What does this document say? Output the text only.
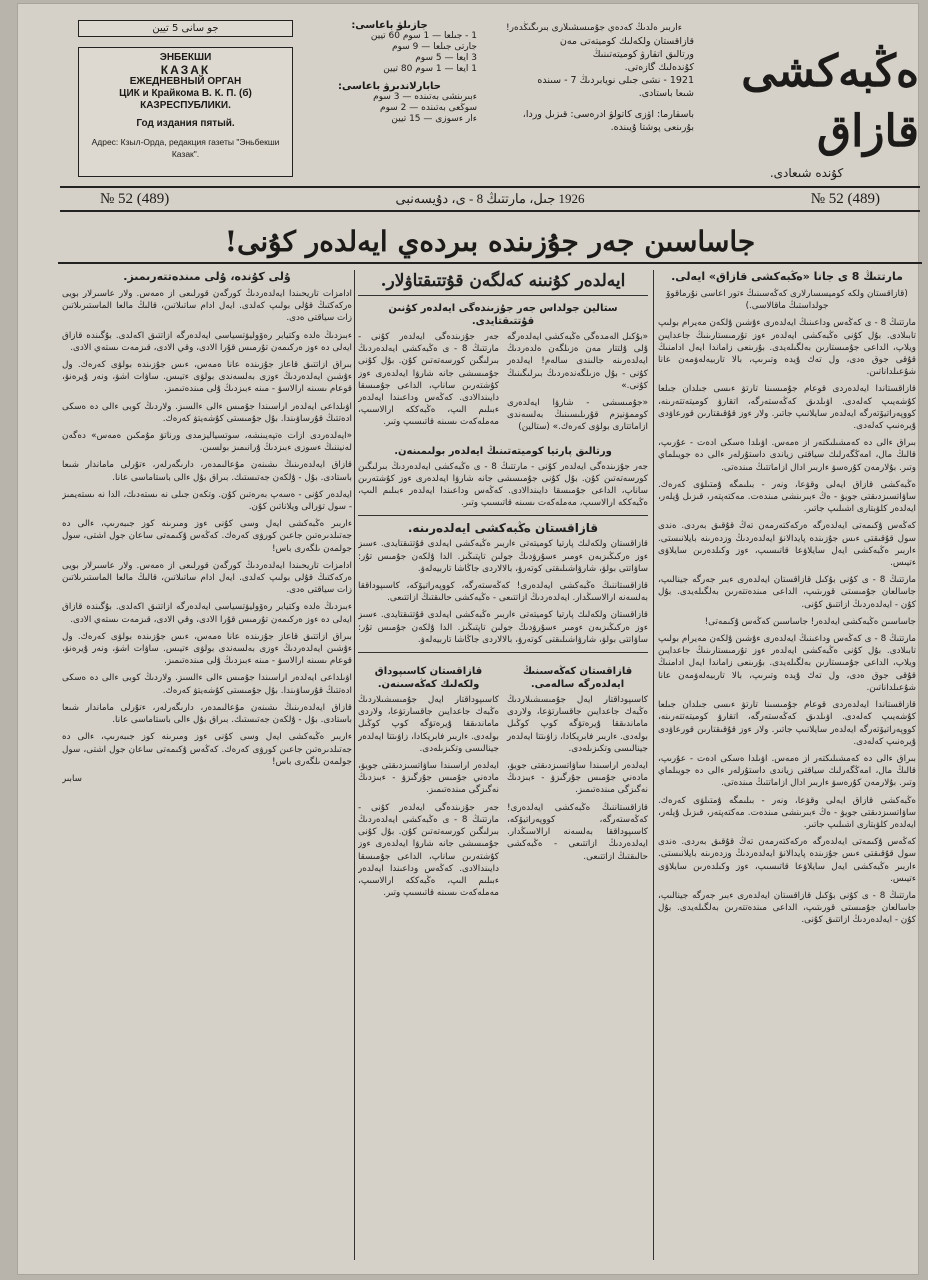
جو سانی 5 تیین
ЭНБЕКШИ
КАЗАК
ЕЖЕДНЕВНЫЙ ОРГАН
ЦИК и Крайкома В. К. П. (б)
КАЗРЕСПУБЛИКИ.
Год издания пятый.
Адрес: Кзыл-Орда, редакция газеты "Эньбекши Казак".
جازىلۋ باعاسى:
1 - جىلعا — 1 سوم 60 تيين
جارتى جىلعا — 9 سوم
3 ايعا — 5 سوم
1 ايعا — 1 سوم 80 تيين
حابارلاندىرۋ باعاسى:
ءبىرىنشى بەتىندە — 3 سوم
سوڭعى بەتىندە — 2 سوم
ءار ءسوزى — 15 تيين
ءاربىر ەلدىڭ كەدەي جۇمىسشىلارى بىرىگىڭدەر!
قازاقستان ولكەلىك كوميتەتى مەن
ورتالىق اتقارۋ كوميتەتىنىڭ
كۇندەلىك گازەتى.
1921 - نشى جىلى نويابردىڭ 7 - سىندە
شىعا باستادى.
باسقارما: اۋزى كاتولۋ ادرەسى: قىزىل وردا، بۇرىنعى پوشتا ۇيىندە.
ەڭبەكشى قازاق
كۇندە شىعادى.
№ 52 (489)	1926 جىل، مارتتىڭ 8 - ى، دۇيسەنبى	№ 52 (489)
جاساسىن جەر جۇزىندە بىردەي ايەلدەر كۇنى!
مارتتىڭ 8 ى جانا «ەڭبەكشى قازاق» ايەلى.

(قازاقستان ولكە كوميسسارلارى كەڭەسىنىڭ ءتور اعاسى نۇرماقوۆ جولداستىڭ ماقالاسى.)

مارتتىڭ 8 - ى كەڭەس وداعىنىڭ ايەلدەرى ءۇشىن ۇلكەن مەيرام بولىپ تابىلادى. بۇل كۇنى ەڭبەكشى ايەلدەر ءوز تۇرمىستارىنىڭ جاعدايىن ويلاپ، الداعى جۇمىستارىن بەلگىلەيدى. بۇرىنعى زاماندا ايەل ادامنىڭ قۇقى جوق ەدى، ول تەك ۇيدە وتىرىپ، بالا تاربيەلەۋمەن عانا شۇعىلداناتىن.

قازاقستاندا ايەلدەردى قوعام جۇمىسىنا تارتۋ ءىسى جىلدان جىلعا كۇشەيىپ كەلەدى. اۋىلدىق كەڭەستەرگە، اتقارۋ كوميتەتتەرىنە، كووپەراتيۆتەرگە ايەلدەر سايلانىپ جاتىر. ولار ءوز قۇقىقتارىن قورعاۋدى ۇيرەنىپ كەلەدى.

بىراق ءالى دە كەمشىلىكتەر از ەمەس. اۋىلدا ەسكى ادەت - عۇرىپ، قالىڭ مال، امەڭگەرلىك سياقتى زياندى داستۇرلەر ءالى دە جويىلماي وتىر. بۇلارمەن كۇرەسۋ ءاربىر ادال ازاماتتىڭ مىندەتى.

ەڭبەكشى قازاق ايەلى وقۋعا، ونەر - بىلىمگە ۇمتىلۋى كەرەك. ساۋاتسىزدىقتى جويۋ - ەڭ ءبىرىنشى مىندەت. مەكتەپتەر، قىزىل ۇيلەر، ايەلدەر كلۋبتارى اشىلىپ جاتىر.

كەڭەس ۇكىمەتى ايەلدەرگە ەركەكتەرمەن تەڭ قۇقىق بەردى. ەندى سول قۇقىقتى ءىس جۇزىندە پايدالانۋ ايەلدەردىڭ وزدەرىنە بايلانىستى. ءاربىر ەڭبەكشى ايەل سايلاۋعا قاتىسىپ، ءوز وكىلدەرىن سايلاۋى ءتيىس.

مارتتىڭ 8 - ى كۇنى بۇكىل قازاقستان ايەلدەرى ءبىر جەرگە جينالىپ، جاسالعان جۇمىستى قورىتىپ، الداعى مىندەتتەرىن بەلگىلەيدى. بۇل كۇن - ايەلدەردىڭ ازاتتىق كۇنى.

جاساسىن ەڭبەكشى ايەلدەر! جاساسىن كەڭەس ۇكىمەتى!

مارتتىڭ 8 - ى كەڭەس وداعىنىڭ ايەلدەرى ءۇشىن ۇلكەن مەيرام بولىپ تابىلادى. بۇل كۇنى ەڭبەكشى ايەلدەر ءوز تۇرمىستارىنىڭ جاعدايىن ويلاپ، الداعى جۇمىستارىن بەلگىلەيدى. بۇرىنعى زاماندا ايەل ادامنىڭ قۇقى جوق ەدى، ول تەك ۇيدە وتىرىپ، بالا تاربيەلەۋمەن عانا شۇعىلداناتىن.

قازاقستاندا ايەلدەردى قوعام جۇمىسىنا تارتۋ ءىسى جىلدان جىلعا كۇشەيىپ كەلەدى. اۋىلدىق كەڭەستەرگە، اتقارۋ كوميتەتتەرىنە، كووپەراتيۆتەرگە ايەلدەر سايلانىپ جاتىر. ولار ءوز قۇقىقتارىن قورعاۋدى ۇيرەنىپ كەلەدى.

بىراق ءالى دە كەمشىلىكتەر از ەمەس. اۋىلدا ەسكى ادەت - عۇرىپ، قالىڭ مال، امەڭگەرلىك سياقتى زياندى داستۇرلەر ءالى دە جويىلماي وتىر. بۇلارمەن كۇرەسۋ ءاربىر ادال ازاماتتىڭ مىندەتى.

ەڭبەكشى قازاق ايەلى وقۋعا، ونەر - بىلىمگە ۇمتىلۋى كەرەك. ساۋاتسىزدىقتى جويۋ - ەڭ ءبىرىنشى مىندەت. مەكتەپتەر، قىزىل ۇيلەر، ايەلدەر كلۋبتارى اشىلىپ جاتىر.

كەڭەس ۇكىمەتى ايەلدەرگە ەركەكتەرمەن تەڭ قۇقىق بەردى. ەندى سول قۇقىقتى ءىس جۇزىندە پايدالانۋ ايەلدەردىڭ وزدەرىنە بايلانىستى. ءاربىر ەڭبەكشى ايەل سايلاۋعا قاتىسىپ، ءوز وكىلدەرىن سايلاۋى ءتيىس.

مارتتىڭ 8 - ى كۇنى بۇكىل قازاقستان ايەلدەرى ءبىر جەرگە جينالىپ، جاسالعان جۇمىستى قورىتىپ، الداعى مىندەتتەرىن بەلگىلەيدى. بۇل كۇن - ايەلدەردىڭ ازاتتىق كۇنى.

ايەلدەر كۇنىنە كەلگەن قۇتتىقتاۋلار.
ستالين جولداس جەر جۇزىندەگى ايەلدەر كۇنىن قۇتتىقتايدى.

«بۇكىل الەمدەگى ەڭبەكشى ايەلدەرگە ۇلى ۇلتتار مەن ەزىلگەن ەلدەردىڭ ايەلدەرىنە جالىندى سالەم! ايەلدەر كۇنى - بۇل ەزىلگەندەردىڭ بىرلىگىنىڭ كۇنى.»

«جۇمىسشى - شارۋا ايەلدەرى كوممۋنيزم قۇرىلىسىنىڭ بەلسەندى ازاماتتارى بولۋى كەرەك.» (ستالين)

جەر جۇزىندەگى ايەلدەر كۇنى - مارتتىڭ 8 - ى ەڭبەكشى ايەلدەردىڭ بىرلىگىن كورسەتەتىن كۇن. بۇل كۇنى جۇمىسشى جانە شارۋا ايەلدەرى ءوز كۇشتەرىن ساناپ، الداعى جۇمىسقا دايىندالادى. كەڭەس وداعىندا ايەلدەر ءبىلىم الىپ، ەڭبەككە ارالاسىپ، مەملەكەت ىسىنە قاتىسىپ وتىر.

ورتالىق پارتيا كوميتەتىنىڭ ايەلدەر بولىمىنەن.

جەر جۇزىندەگى ايەلدەر كۇنى - مارتتىڭ 8 - ى ەڭبەكشى ايەلدەردىڭ بىرلىگىن كورسەتەتىن كۇن. بۇل كۇنى جۇمىسشى جانە شارۋا ايەلدەرى ءوز كۇشتەرىن ساناپ، الداعى جۇمىسقا دايىندالادى. كەڭەس وداعىندا ايەلدەر ءبىلىم الىپ، ەڭبەككە ارالاسىپ، مەملەكەت ىسىنە قاتىسىپ وتىر.

قازاقستان ەڭبەكشى ايەلدەرىنە.

قازاقستان ولكەلىك پارتيا كوميتەتى ءاربىر ەڭبەكشى ايەلدى قۇتتىقتايدى. ءسىز ءوز ەركىڭىزبەن ءومىر ءسۇرۋدىڭ جولىن تاپتىڭىز. الدا ۇلكەن جۇمىس تۇر: ساۋاتتى بولۋ، شارۋاشىلىقتى كوتەرۋ، بالالاردى جاڭاشا تاربيەلەۋ.

قازاقستاننىڭ ەڭبەكشى ايەلدەرى! كەڭەستەرگە، كووپەراتيۆكە، كاسىپوداققا بەلسەنە ارالاسىڭدار. ايەلدەردىڭ ازاتتىعى - ەڭبەكشى حالىقتىڭ ازاتتىعى.

قازاقستان ولكەلىك پارتيا كوميتەتى ءاربىر ەڭبەكشى ايەلدى قۇتتىقتايدى. ءسىز ءوز ەركىڭىزبەن ءومىر ءسۇرۋدىڭ جولىن تاپتىڭىز. الدا ۇلكەن جۇمىس تۇر: ساۋاتتى بولۋ، شارۋاشىلىقتى كوتەرۋ، بالالاردى جاڭاشا تاربيەلەۋ.

قازاقستان كەڭەسىنىڭ ايەلدەرگە سالەمى.

كاسىپوداقتار ايەل جۇمىسشىلاردىڭ ەڭبەك جاعدايىن جاقسارتۋعا، ولاردى ماماندىققا ۇيرەتۋگە كوپ كوڭىل بولەدى. ءاربىر فابريكادا، زاۋىتتا ايەلدەر جينالىسى وتكىزىلەدى.

ايەلدەر اراسىندا ساۋاتسىزدىقتى جويۋ، مادەني جۇمىس جۇرگىزۋ - ءبىزدىڭ نەگىزگى مىندەتىمىز.

قازاقستاننىڭ ەڭبەكشى ايەلدەرى! كەڭەستەرگە، كووپەراتيۆكە، كاسىپوداققا بەلسەنە ارالاسىڭدار. ايەلدەردىڭ ازاتتىعى - ەڭبەكشى حالىقتىڭ ازاتتىعى.

قازاقستان كاسىپوداق ولكەلىك كەڭەسىنەن.

كاسىپوداقتار ايەل جۇمىسشىلاردىڭ ەڭبەك جاعدايىن جاقسارتۋعا، ولاردى ماماندىققا ۇيرەتۋگە كوپ كوڭىل بولەدى. ءاربىر فابريكادا، زاۋىتتا ايەلدەر جينالىسى وتكىزىلەدى.

ايەلدەر اراسىندا ساۋاتسىزدىقتى جويۋ، مادەني جۇمىس جۇرگىزۋ - ءبىزدىڭ نەگىزگى مىندەتىمىز.

جەر جۇزىندەگى ايەلدەر كۇنى - مارتتىڭ 8 - ى ەڭبەكشى ايەلدەردىڭ بىرلىگىن كورسەتەتىن كۇن. بۇل كۇنى جۇمىسشى جانە شارۋا ايەلدەرى ءوز كۇشتەرىن ساناپ، الداعى جۇمىسقا دايىندالادى. كەڭەس وداعىندا ايەلدەر ءبىلىم الىپ، ەڭبەككە ارالاسىپ، مەملەكەت ىسىنە قاتىسىپ وتىر.

ۇلى كۇندە، ۇلى مىندەتتەرىمىز.

ادامزات تاريحىندا ايەلدەردىڭ كورگەن قورلىعى از ەمەس. ولار عاسىرلار بويى ەركەكتىڭ قۇلى بولىپ كەلدى. ايەل ادام ساتىلاتىن، قالىڭ مالعا الماستىرىلاتىن زات سياقتى ەدى.

ءبىزدىڭ ەلدە وكتيابر رەۆوليۋتسياسى ايەلدەرگە ازاتتىق اكەلدى. بۇگىندە قازاق ايەلى دە ءوز ەركىمەن تۇرمىس قۇرا الادى، وقي الادى، قىزمەت ىستەي الادى.

بىراق ازاتتىق قاعاز جۇزىندە عانا ەمەس، ءىس جۇزىندە بولۋى كەرەك. ول ءۇشىن ايەلدەردىڭ ءوزى بەلسەندى بولۋى ءتيىس. ساۋات اشۋ، ونەر ۇيرەنۋ، قوعام ىسىنە ارالاسۋ - مىنە ءبىزدىڭ ۇلى مىندەتىمىز.

اۋىلداعى ايەلدەر اراسىندا جۇمىس ءالى ءالسىز. ولاردىڭ كوبى ءالى دە ەسكى ادەتتىڭ قۇرساۋىندا. بۇل جۇمىستى كۇشەيتۋ كەرەك.

«ايەلدەردى ازات ەتپەيىنشە، سوتسياليزمدى ورناتۋ مۇمكىن ەمەس» دەگەن لەنيننىڭ ءسوزى ءبىزدىڭ ۇرانىمىز بولسىن.

قازاق ايەلدەرىنىڭ ىشىنەن مۇعالىمدەر، دارىگەرلەر، ءتۇرلى ماماندار شىعا باستادى. بۇل - ۇلكەن جەتىستىك. بىراق بۇل ءالى باستاماسى عانا.

ايەلدەر كۇنى - ەسەپ بەرەتىن كۇن. وتكەن جىلى نە ىستەدىك، الدا نە ىستەيمىز - سول تۋرالى ويلاناتىن كۇن.

ءاربىر ەڭبەكشى ايەل وسى كۇنى ءوز ومىرىنە كوز جىبەرىپ، ءالى دە جەتىلدىرەتىن جاعىن كورۋى كەرەك. كەڭەس ۇكىمەتى ساعان جول اشتى، سول جولمەن ىلگەرى باس!

ادامزات تاريحىندا ايەلدەردىڭ كورگەن قورلىعى از ەمەس. ولار عاسىرلار بويى ەركەكتىڭ قۇلى بولىپ كەلدى. ايەل ادام ساتىلاتىن، قالىڭ مالعا الماستىرىلاتىن زات سياقتى ەدى.

ءبىزدىڭ ەلدە وكتيابر رەۆوليۋتسياسى ايەلدەرگە ازاتتىق اكەلدى. بۇگىندە قازاق ايەلى دە ءوز ەركىمەن تۇرمىس قۇرا الادى، وقي الادى، قىزمەت ىستەي الادى.

بىراق ازاتتىق قاعاز جۇزىندە عانا ەمەس، ءىس جۇزىندە بولۋى كەرەك. ول ءۇشىن ايەلدەردىڭ ءوزى بەلسەندى بولۋى ءتيىس. ساۋات اشۋ، ونەر ۇيرەنۋ، قوعام ىسىنە ارالاسۋ - مىنە ءبىزدىڭ ۇلى مىندەتىمىز.

اۋىلداعى ايەلدەر اراسىندا جۇمىس ءالى ءالسىز. ولاردىڭ كوبى ءالى دە ەسكى ادەتتىڭ قۇرساۋىندا. بۇل جۇمىستى كۇشەيتۋ كەرەك.

قازاق ايەلدەرىنىڭ ىشىنەن مۇعالىمدەر، دارىگەرلەر، ءتۇرلى ماماندار شىعا باستادى. بۇل - ۇلكەن جەتىستىك. بىراق بۇل ءالى باستاماسى عانا.

ءاربىر ەڭبەكشى ايەل وسى كۇنى ءوز ومىرىنە كوز جىبەرىپ، ءالى دە جەتىلدىرەتىن جاعىن كورۋى كەرەك. كەڭەس ۇكىمەتى ساعان جول اشتى، سول جولمەن ىلگەرى باس!

سابىر
